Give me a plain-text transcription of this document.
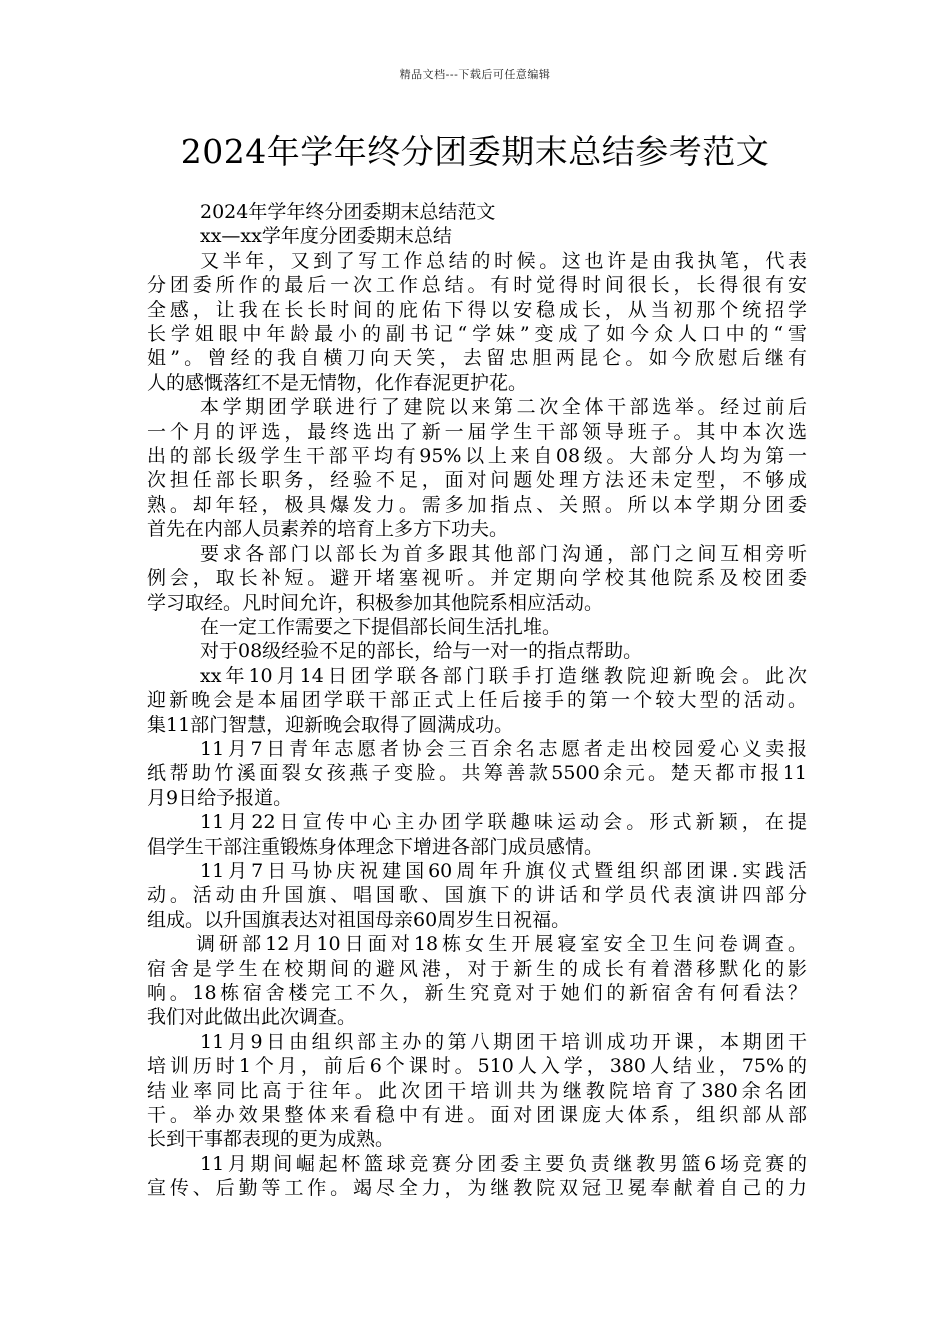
精品文档---下载后可任意编辑
2024年学年终分团委期末总结参考范文
2024年学年终分团委期末总结范文
xx—xx学年度分团委期末总结
又半年，又到了写工作总结的时候。这也许是由我执笔，代表
分团委所作的最后一次工作总结。有时觉得时间很长，长得很有安
全感，让我在长长时间的庇佑下得以安稳成长，从当初那个统招学
长学姐眼中年龄最小的副书记“学妹”变成了如今众人口中的“雪
姐”。曾经的我自横刀向天笑，去留忠胆两昆仑。如今欣慰后继有
人的感慨落红不是无情物，化作春泥更护花。
本学期团学联进行了建院以来第二次全体干部选举。经过前后
一个月的评选，最终选出了新一届学生干部领导班子。其中本次选
出的部长级学生干部平均有95%以上来自08级。大部分人均为第一
次担任部长职务，经验不足，面对问题处理方法还未定型，不够成
熟。却年轻，极具爆发力。需多加指点、关照。所以本学期分团委
首先在内部人员素养的培育上多方下功夫。
要求各部门以部长为首多跟其他部门沟通，部门之间互相旁听
例会，取长补短。避开堵塞视听。并定期向学校其他院系及校团委
学习取经。凡时间允许，积极参加其他院系相应活动。
在一定工作需要之下提倡部长间生活扎堆。
对于08级经验不足的部长，给与一对一的指点帮助。
xx年10月14日团学联各部门联手打造继教院迎新晚会。此次
迎新晚会是本届团学联干部正式上任后接手的第一个较大型的活动。
集11部门智慧，迎新晚会取得了圆满成功。
11月7日青年志愿者协会三百余名志愿者走出校园爱心义卖报
纸帮助竹溪面裂女孩燕子变脸。共筹善款5500余元。楚天都市报11
月9日给予报道。
11月22日宣传中心主办团学联趣味运动会。形式新颖，在提
倡学生干部注重锻炼身体理念下增进各部门成员感情。
11月7日马协庆祝建国60周年升旗仪式暨组织部团课.实践活
动。活动由升国旗、唱国歌、国旗下的讲话和学员代表演讲四部分
组成。以升国旗表达对祖国母亲60周岁生日祝福。
调研部12月10日面对18栋女生开展寝室安全卫生问卷调查。
宿舍是学生在校期间的避风港，对于新生的成长有着潜移默化的影
响。18栋宿舍楼完工不久，新生究竟对于她们的新宿舍有何看法？
我们对此做出此次调查。
11月9日由组织部主办的第八期团干培训成功开课，本期团干
培训历时1个月，前后6个课时。510人入学，380人结业，75%的
结业率同比高于往年。此次团干培训共为继教院培育了380余名团
干。举办效果整体来看稳中有进。面对团课庞大体系，组织部从部
长到干事都表现的更为成熟。
11月期间崛起杯篮球竞赛分团委主要负责继教男篮6场竞赛的
宣传、后勤等工作。竭尽全力，为继教院双冠卫冕奉献着自己的力
